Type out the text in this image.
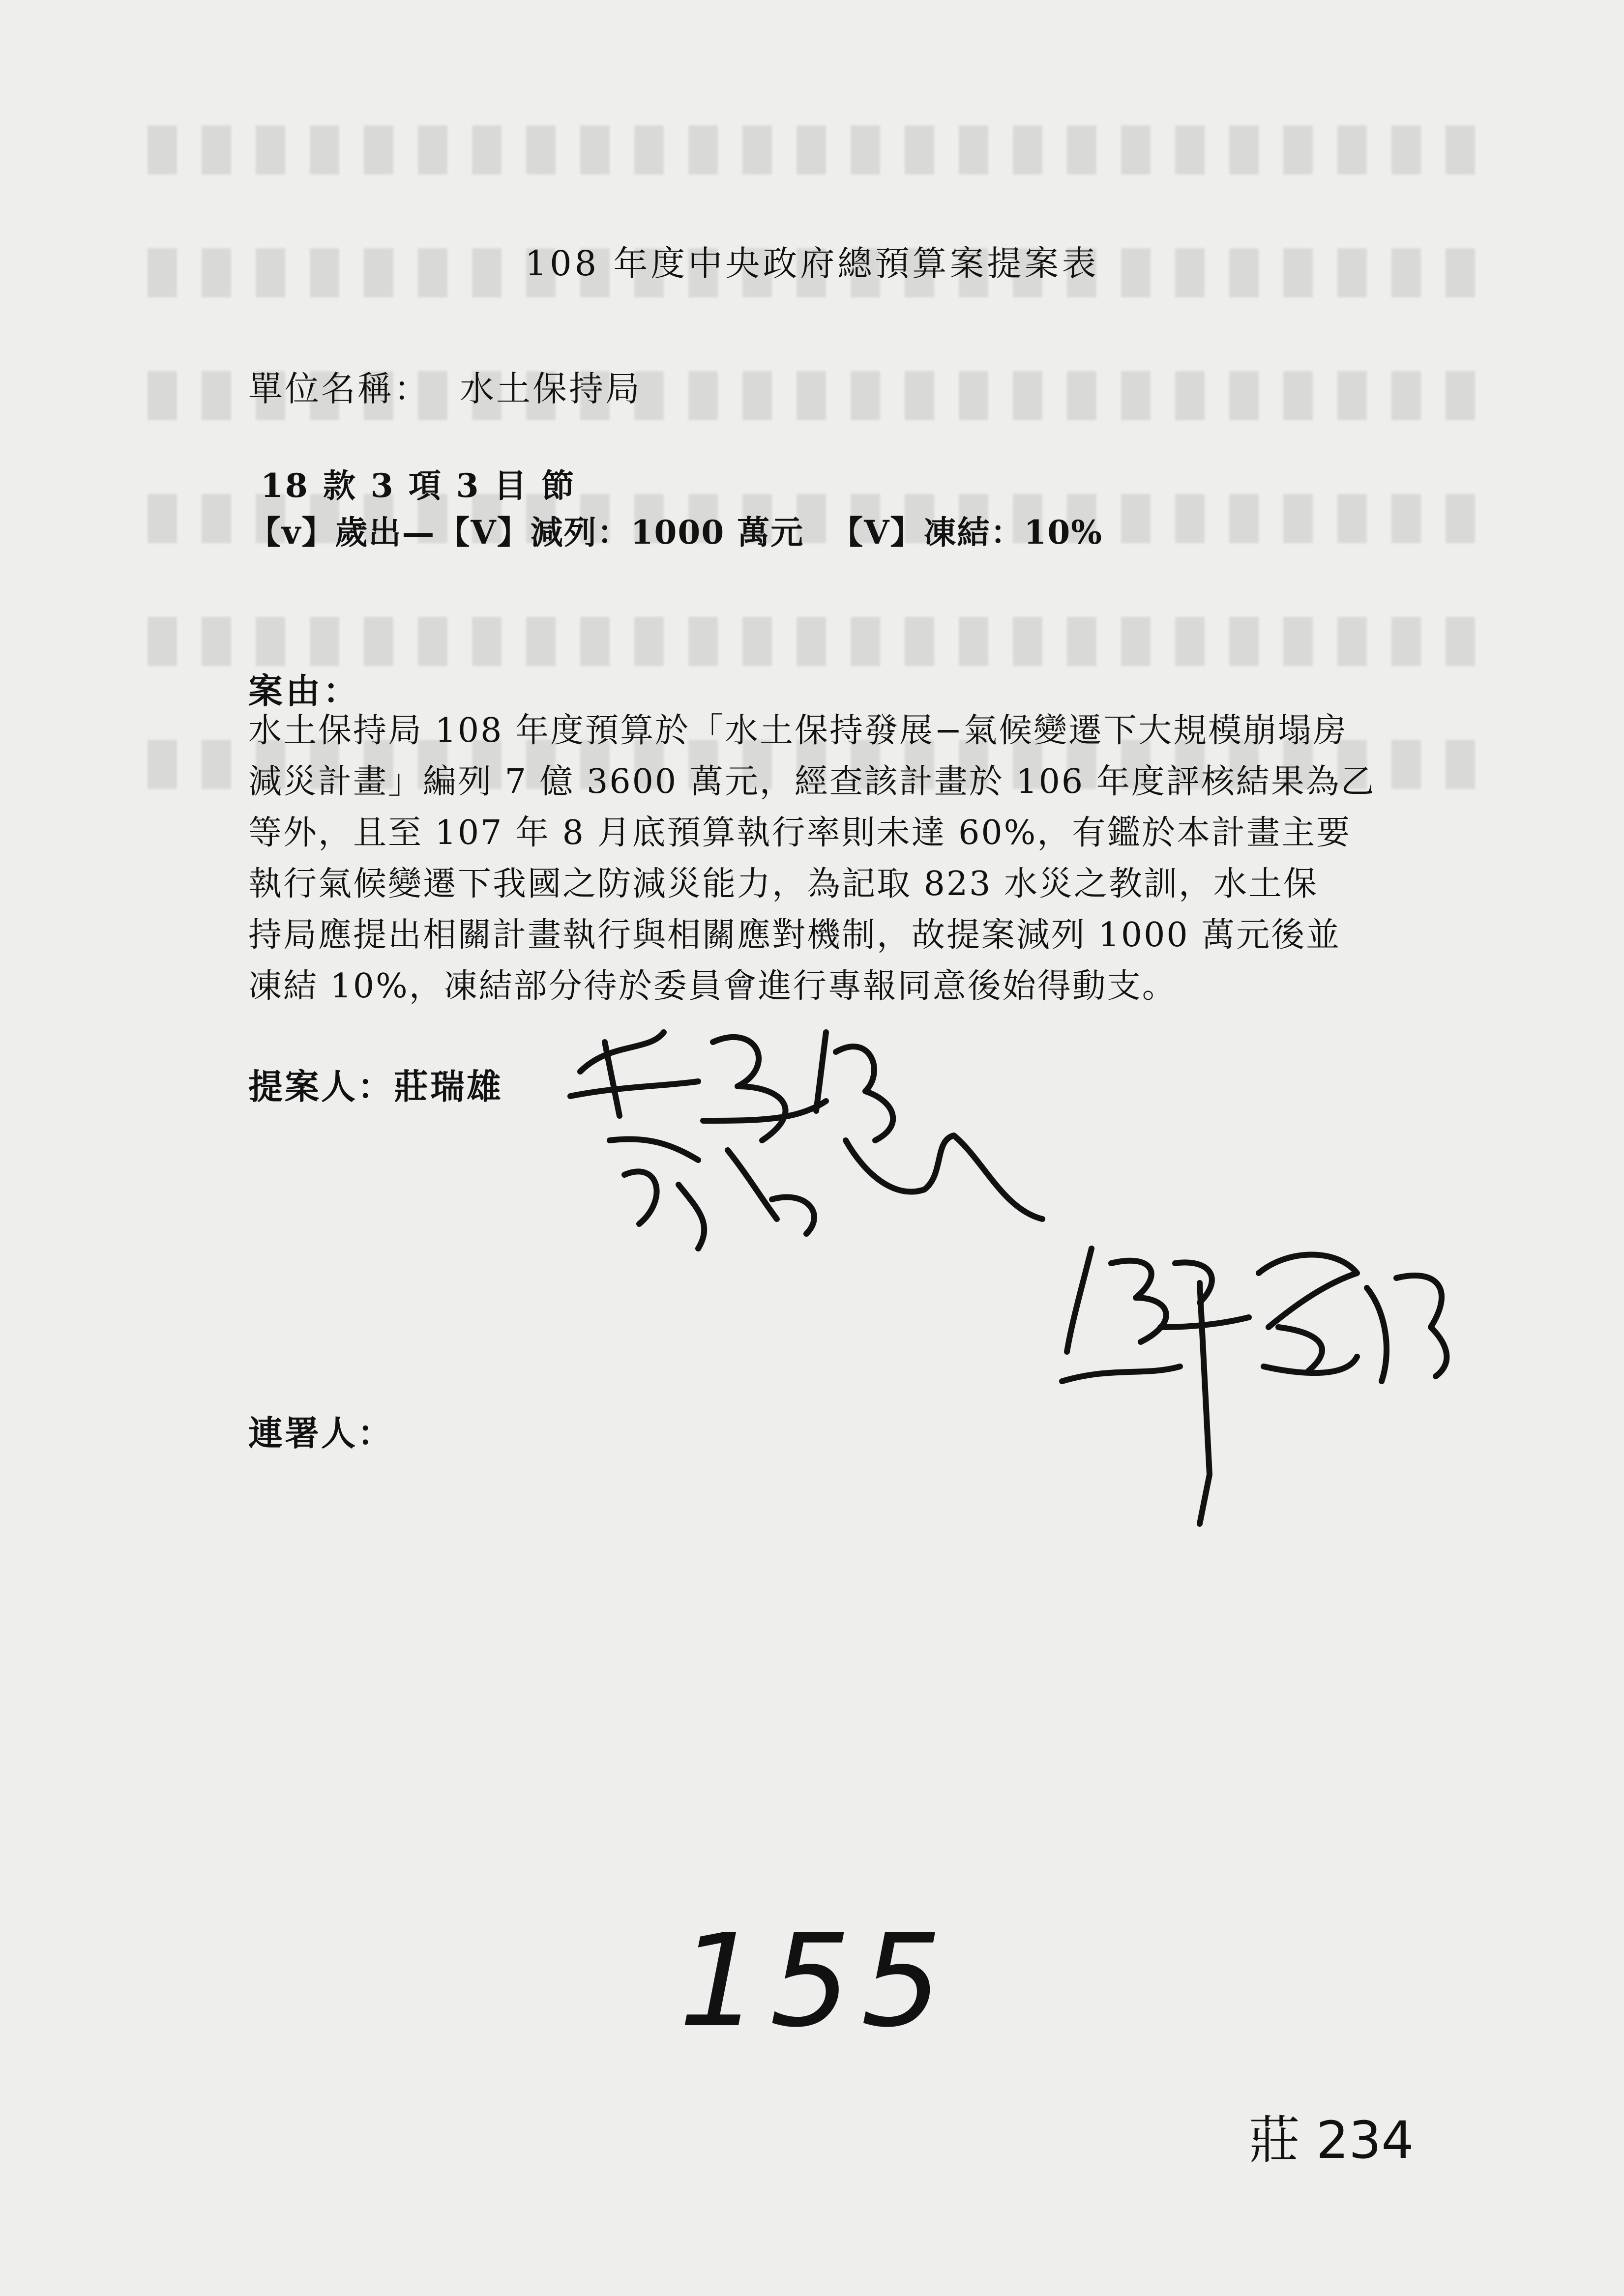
108 年度中央政府總預算案提案表
單位名稱： 水土保持局
18 款 3 項 3 目 節
【v】歲出—【V】減列：1000 萬元 【V】凍結：10%
案由：

水土保持局 108 年度預算於「水土保持發展−氣候變遷下大規模崩塌房

減災計畫」編列 7 億 3600 萬元，經查該計畫於 106 年度評核結果為乙

等外，且至 107 年 8 月底預算執行率則未達 60%，有鑑於本計畫主要

執行氣候變遷下我國之防減災能力，為記取 823 水災之教訓，水土保

持局應提出相關計畫執行與相關應對機制，故提案減列 1000 萬元後並

凍結 10%，凍結部分待於委員會進行專報同意後始得動支。

提案人：莊瑞雄
連署人：
155
莊 234
